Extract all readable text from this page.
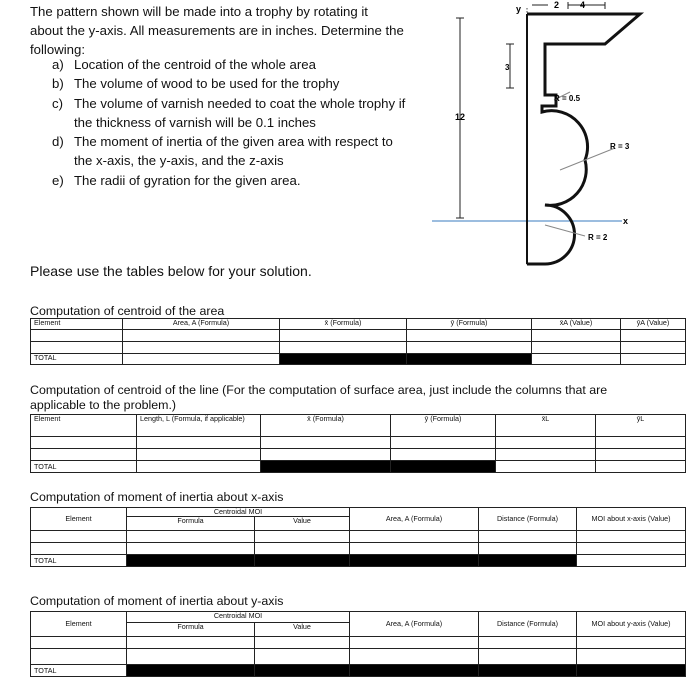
The pattern shown will be made into a trophy by rotating it
about the y-axis. All measurements are in inches. Determine the
following:
a) Location of the centroid of the whole area
b) The volume of wood to be used for the trophy
c) The volume of varnish needed to coat the whole trophy if
the thickness of varnish will be 0.1 inches
d) The moment of inertia of the given area with respect to
the x-axis, the y-axis, and the z-axis
e) The radii of gyration for the given area.
Please use the tables below for your solution.
y	2 4
3
12
R = 0.5
R = 3
R = 2
x
Computation of centroid of the area
Element	Area, A (Formula)	x̄ (Formula)	ȳ (Formula)	x̄A (Value)	ȳA (Value)

TOTAL					
Computation of centroid of the line (For the computation of surface area, just include the columns that are
applicable to the problem.)
Element	Length, L (Formula, if applicable)	x̄ (Formula)	ȳ (Formula)	x̄L	ȳL

TOTAL					
Computation of moment of inertia about x-axis
Element	Centroidal MOI		Area, A (Formula)	Distance (Formula)	MOI about x-axis (Value)
	Formula	Value			

TOTAL					
Computation of moment of inertia about y-axis
Element	Centroidal MOI		Area, A (Formula)	Distance (Formula)	MOI about y-axis (Value)
	Formula	Value			

TOTAL					
